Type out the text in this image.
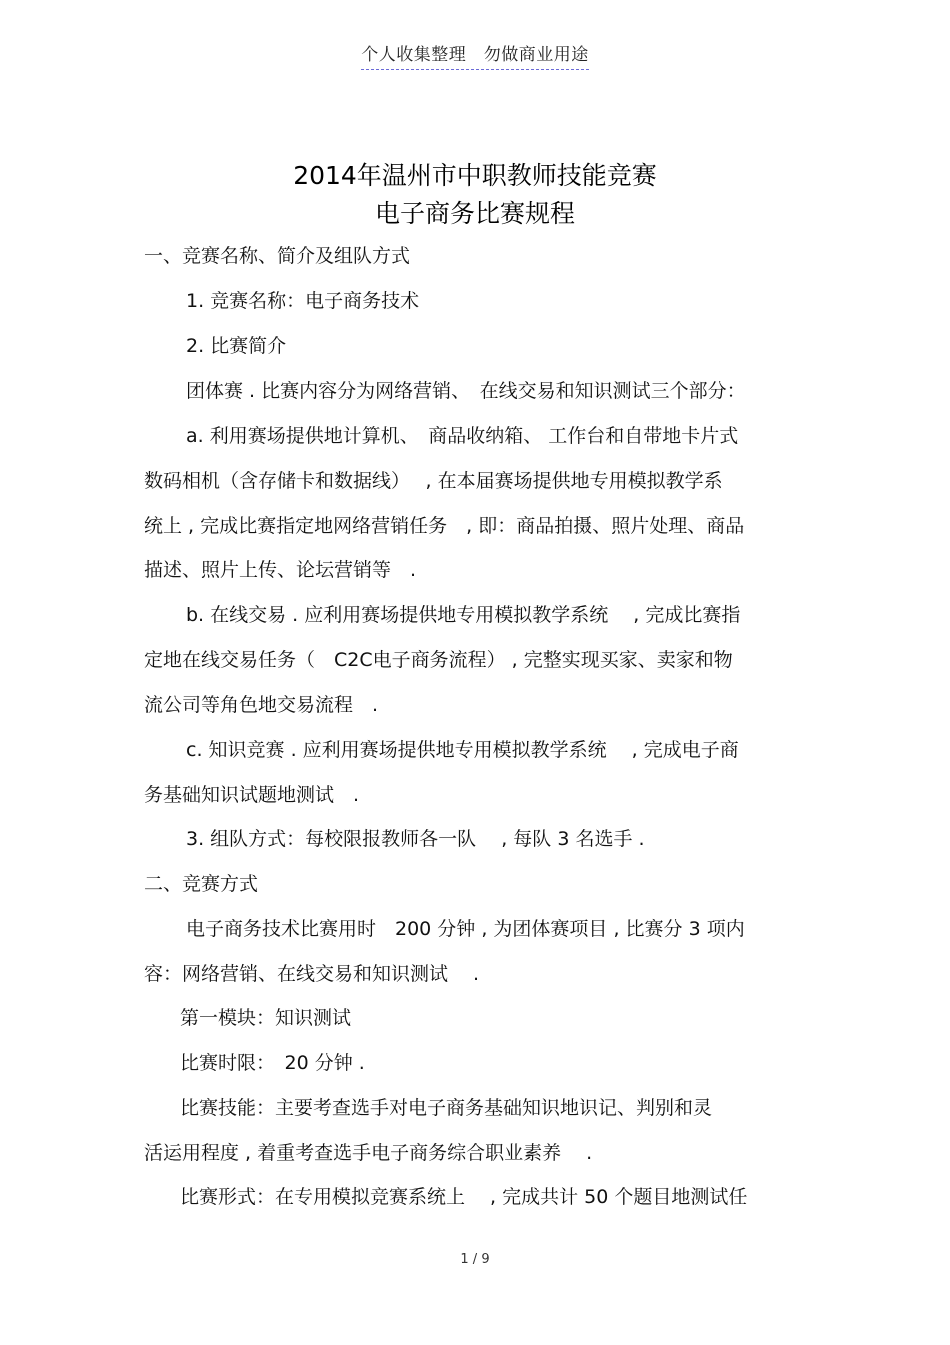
个人收集整理　勿做商业用途
2014年温州市中职教师技能竞赛
电子商务比赛规程
一、竞赛名称、简介及组队方式
1. 竞赛名称：电子商务技术
2. 比赛简介
团体赛 . 比赛内容分为网络营销、　在线交易和知识测试三个部分：
a. 利用赛场提供地计算机、　商品收纳箱、 工作台和自带地卡片式
数码相机（含存储卡和数据线）　 , 在本届赛场提供地专用模拟教学系
统上 , 完成比赛指定地网络营销任务　, 即：商品拍摄、照片处理、商品
描述、照片上传、论坛营销等　.
b. 在线交易 . 应利用赛场提供地专用模拟教学系统　 , 完成比赛指
定地在线交易任务（　C2C电子商务流程） , 完整实现买家、卖家和物
流公司等角色地交易流程　.
c. 知识竞赛 . 应利用赛场提供地专用模拟教学系统　 , 完成电子商
务基础知识试题地测试　.
3. 组队方式：每校限报教师各一队　 , 每队 3 名选手 .
二、竞赛方式
电子商务技术比赛用时　200 分钟 , 为团体赛项目 , 比赛分 3 项内
容：网络营销、在线交易和知识测试　 .
第一模块：知识测试
比赛时限：　20 分钟 .
比赛技能：主要考查选手对电子商务基础知识地识记、判别和灵
活运用程度 , 着重考查选手电子商务综合职业素养　 .
比赛形式：在专用模拟竞赛系统上　 , 完成共计 50 个题目地测试任
1 / 9
